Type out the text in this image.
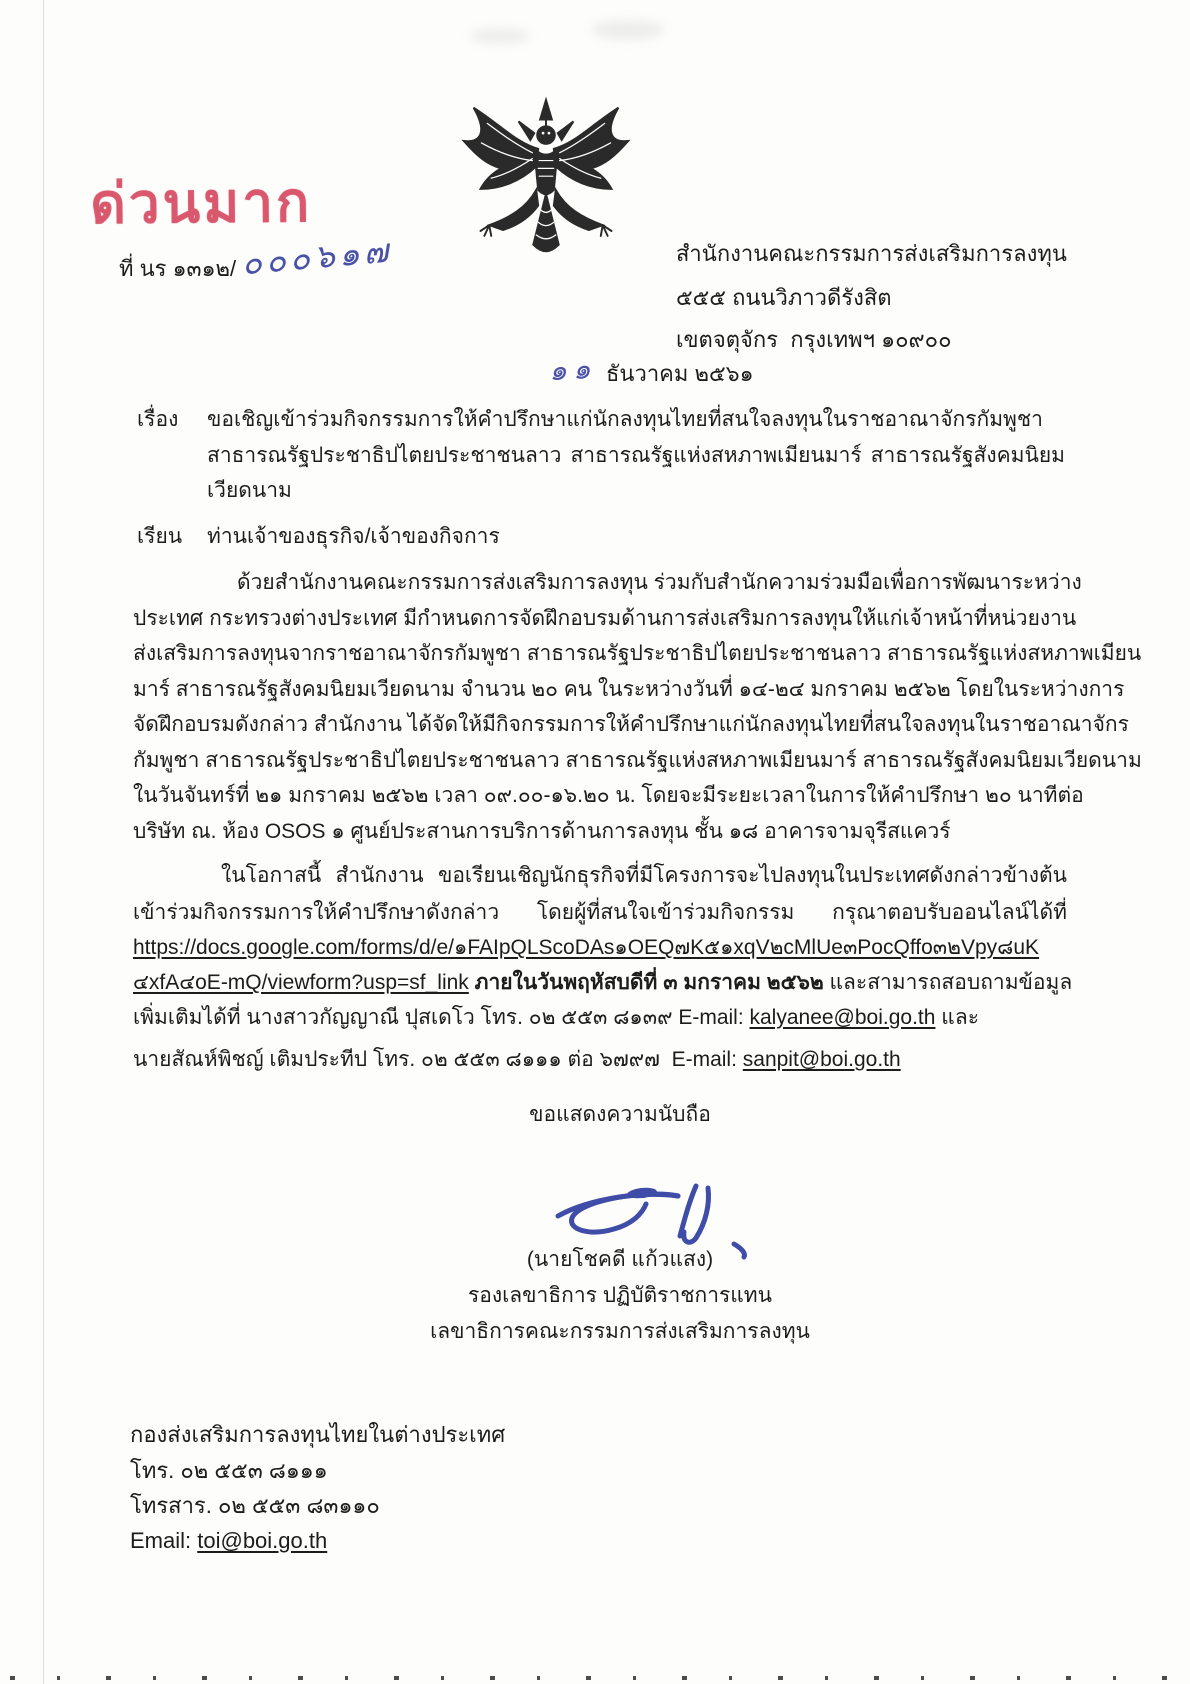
ด่วนมาก
ที่ นร ๑๓๑๒/ ๐๐๐๖๑๗	สำนักงานคณะกรรมการส่งเสริมการลงทุน
๕๕๕ ถนนวิภาวดีรังสิต
เขตจตุจักร  กรุงเทพฯ ๑๐๙๐๐
๑๑ ธันวาคม ๒๕๖๑
เรื่อง ขอเชิญเข้าร่วมกิจกรรมการให้คำปรึกษาแก่นักลงทุนไทยที่สนใจลงทุนในราชอาณาจักรกัมพูชา
สาธารณรัฐประชาธิปไตยประชาชนลาว สาธารณรัฐแห่งสหภาพเมียนมาร์ สาธารณรัฐสังคมนิยม
เวียดนาม
เรียน ท่านเจ้าของธุรกิจ/เจ้าของกิจการ
ด้วยสำนักงานคณะกรรมการส่งเสริมการลงทุน ร่วมกับสำนักความร่วมมือเพื่อการพัฒนาระหว่าง
ประเทศ กระทรวงต่างประเทศ มีกำหนดการจัดฝึกอบรมด้านการส่งเสริมการลงทุนให้แก่เจ้าหน้าที่หน่วยงาน
ส่งเสริมการลงทุนจากราชอาณาจักรกัมพูชา สาธารณรัฐประชาธิปไตยประชาชนลาว สาธารณรัฐแห่งสหภาพเมียน
มาร์ สาธารณรัฐสังคมนิยมเวียดนาม จำนวน ๒๐ คน ในระหว่างวันที่ ๑๔-๒๔ มกราคม ๒๕๖๒ โดยในระหว่างการ
จัดฝึกอบรมดังกล่าว สำนักงาน ได้จัดให้มีกิจกรรมการให้คำปรึกษาแก่นักลงทุนไทยที่สนใจลงทุนในราชอาณาจักร
กัมพูชา สาธารณรัฐประชาธิปไตยประชาชนลาว สาธารณรัฐแห่งสหภาพเมียนมาร์ สาธารณรัฐสังคมนิยมเวียดนาม
ในวันจันทร์ที่ ๒๑ มกราคม ๒๕๖๒ เวลา ๐๙.๐๐-๑๖.๒๐ น. โดยจะมีระยะเวลาในการให้คำปรึกษา ๒๐ นาทีต่อ
บริษัท ณ. ห้อง OSOS ๑ ศูนย์ประสานการบริการด้านการลงทุน ชั้น ๑๘ อาคารจามจุรีสแควร์
ในโอกาสนี้ สำนักงาน ขอเรียนเชิญนักธุรกิจที่มีโครงการจะไปลงทุนในประเทศดังกล่าวข้างต้น
เข้าร่วมกิจกรรมการให้คำปรึกษาดังกล่าว โดยผู้ที่สนใจเข้าร่วมกิจกรรม กรุณาตอบรับออนไลน์ได้ที่
https://docs.google.com/forms/d/e/๑FAIpQLScoDAs๑OEQ๗K๕๑xqV๒cMlUe๓PocQffo๓๒Vpy๘uK
๔xfA๔oE-mQ/viewform?usp=sf_link ภายในวันพฤหัสบดีที่ ๓ มกราคม ๒๕๖๒ และสามารถสอบถามข้อมูล
เพิ่มเติมได้ที่ นางสาวกัญญาณี ปุสเดโว โทร. ๐๒ ๕๕๓ ๘๑๓๙ E-mail: kalyanee@boi.go.th และ
นายสัณห์พิชญ์ เติมประทีป โทร. ๐๒ ๕๕๓ ๘๑๑๑ ต่อ ๖๗๙๗  E-mail: sanpit@boi.go.th
ขอแสดงความนับถือ
(นายโชคดี แก้วแสง)
รองเลขาธิการ ปฏิบัติราชการแทน
เลขาธิการคณะกรรมการส่งเสริมการลงทุน
กองส่งเสริมการลงทุนไทยในต่างประเทศ
โทร. ๐๒ ๕๕๓ ๘๑๑๑
โทรสาร. ๐๒ ๕๕๓ ๘๓๑๑๐
Email: toi@boi.go.th
